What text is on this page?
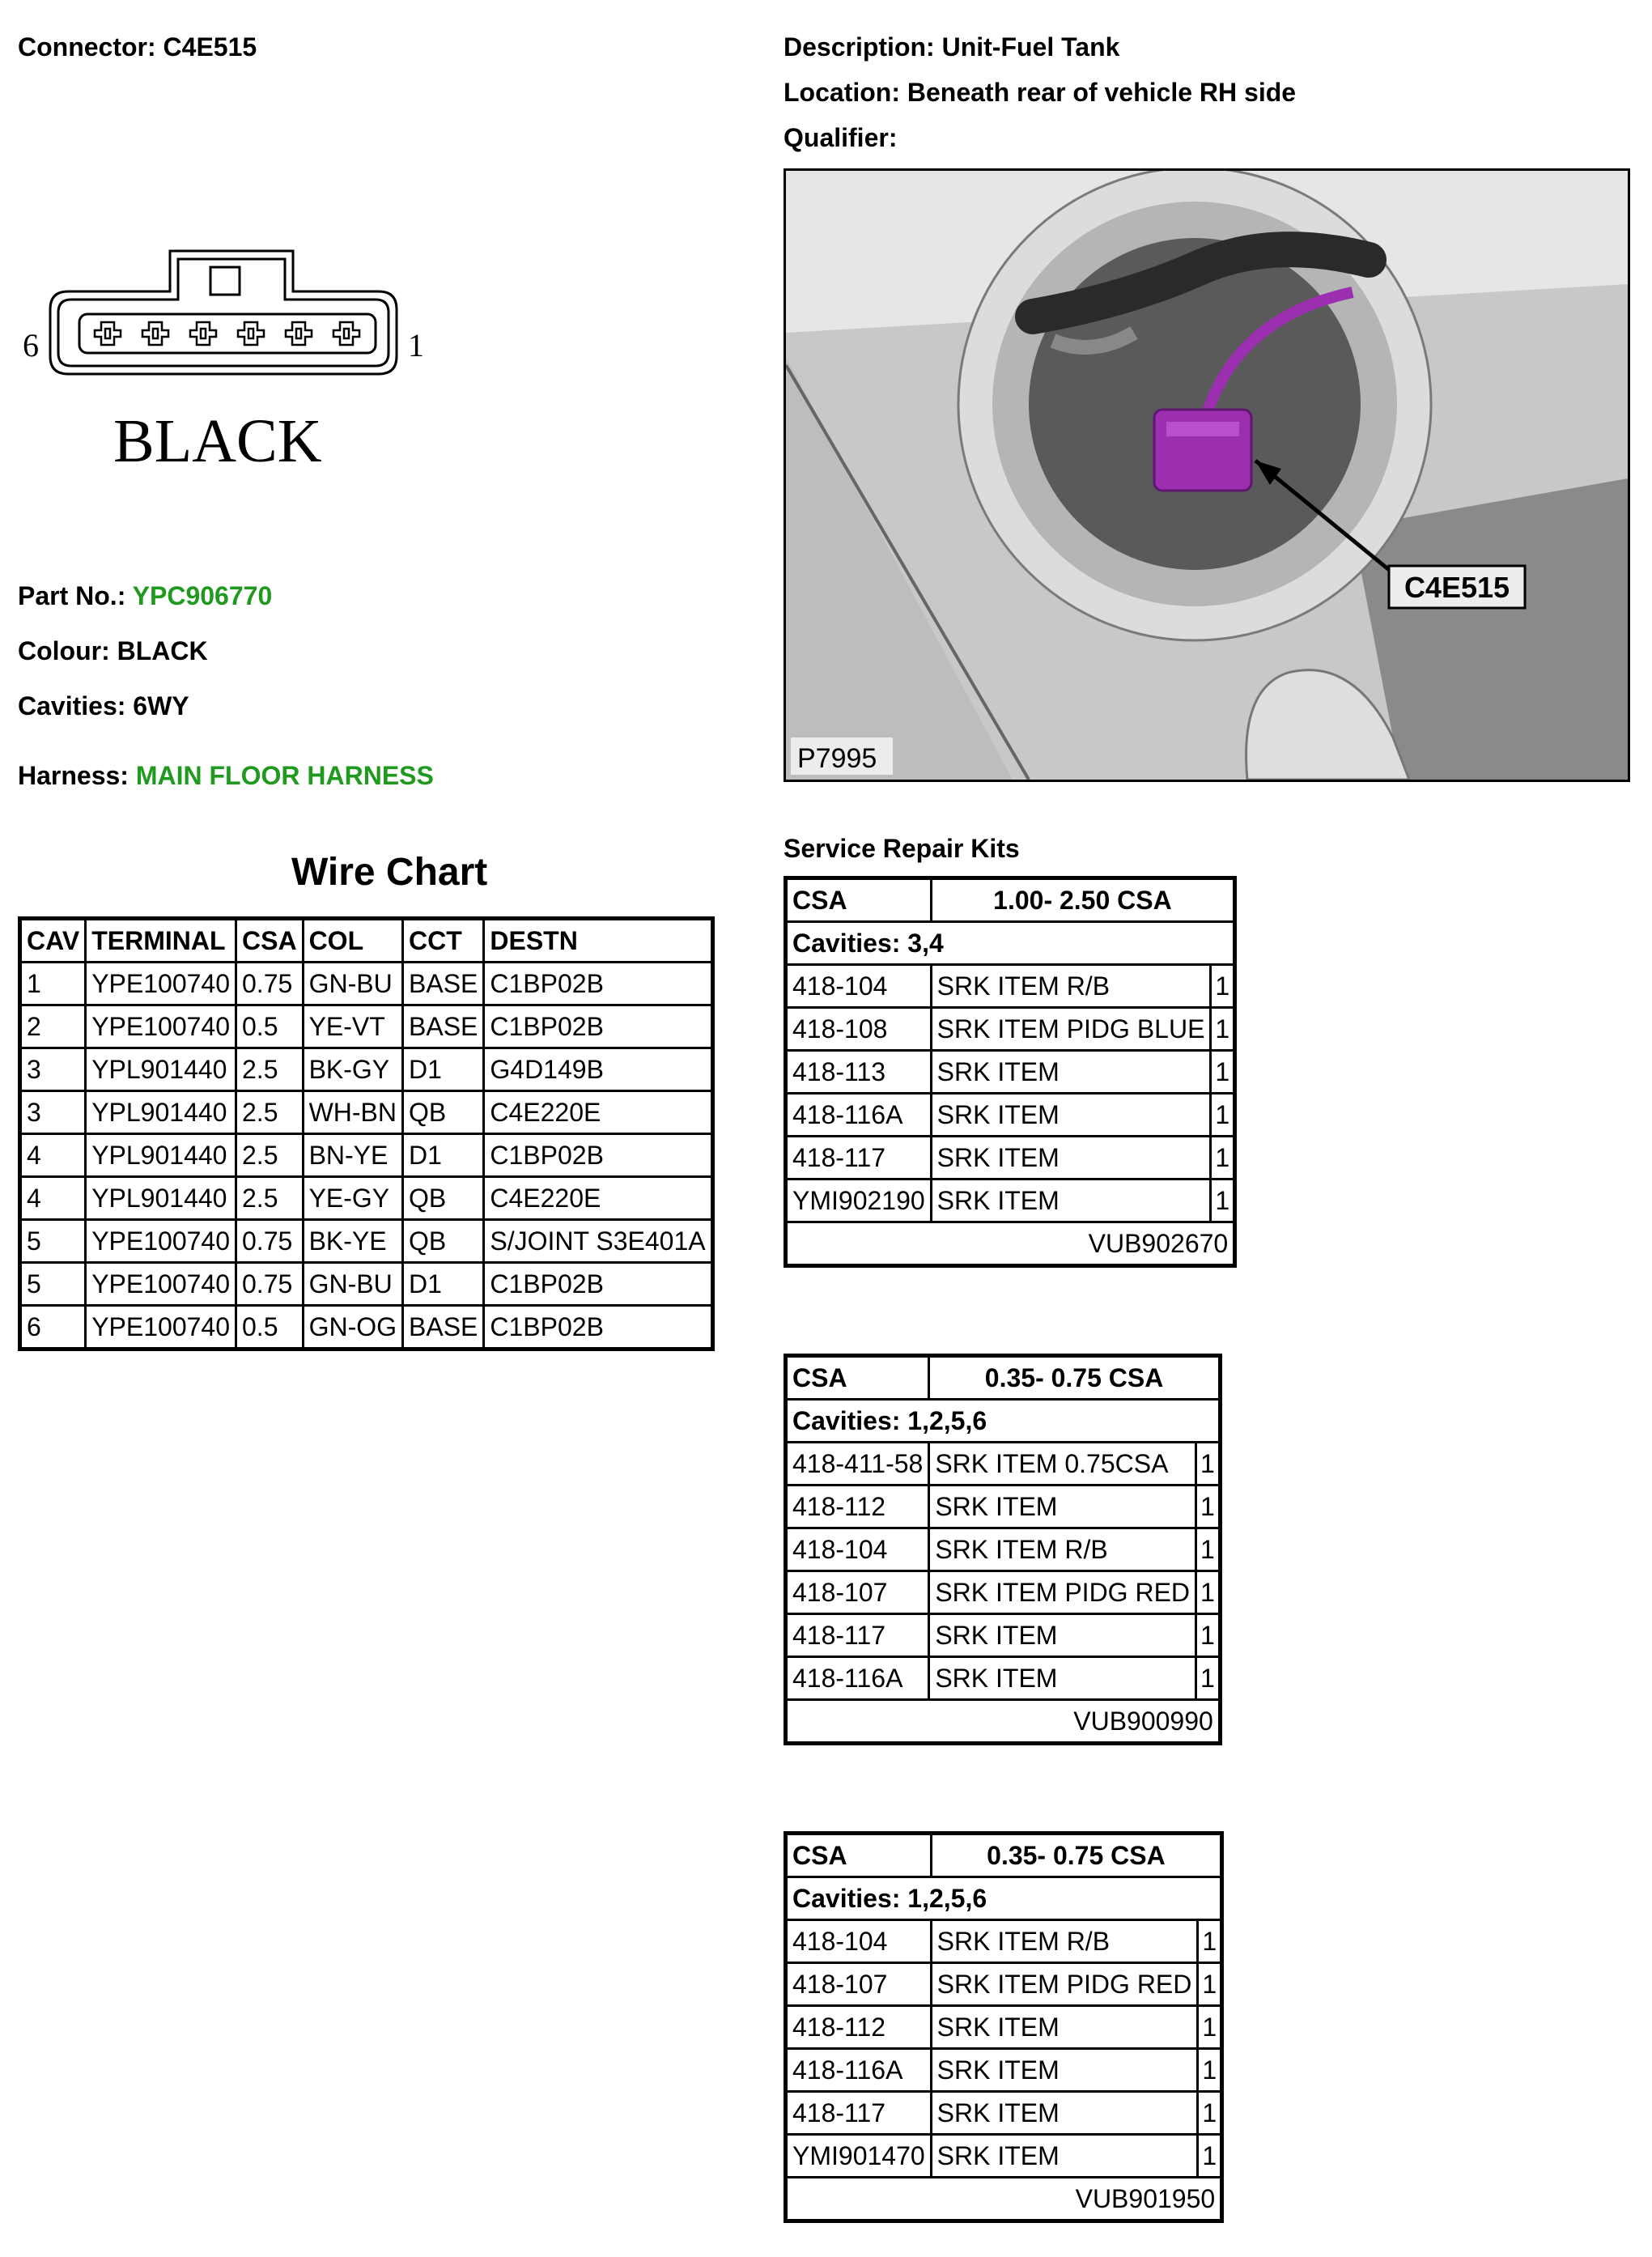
Connector: C4E515	Description: Unit-Fuel Tank
Location: Beneath rear of vehicle RH side
Qualifier:
6	1
BLACK
Part No.: YPC906770
Colour: BLACK
Cavities: 6WY
Harness: MAIN FLOOR HARNESS
C4E515
P7995
Wire Chart
CAV	TERMINAL	CSA	COL	CCT	DESTN
1	YPE100740	0.75	GN-BU	BASE	C1BP02B
2	YPE100740	0.5	YE-VT	BASE	C1BP02B
3	YPL901440	2.5	BK-GY	D1	G4D149B
3	YPL901440	2.5	WH-BN	QB	C4E220E
4	YPL901440	2.5	BN-YE	D1	C1BP02B
4	YPL901440	2.5	YE-GY	QB	C4E220E
5	YPE100740	0.75	BK-YE	QB	S/JOINT S3E401A
5	YPE100740	0.75	GN-BU	D1	C1BP02B
6	YPE100740	0.5	GN-OG	BASE	C1BP02B
Service Repair Kits
CSA	1.00- 2.50 CSA	
Cavities: 3,4		
418-104	SRK ITEM R/B	1
418-108	SRK ITEM PIDG BLUE	1
418-113	SRK ITEM	1
418-116A	SRK ITEM	1
418-117	SRK ITEM	1
YMI902190	SRK ITEM	1
VUB902670		
CSA	0.35- 0.75 CSA	
Cavities: 1,2,5,6		
418-411-58	SRK ITEM 0.75CSA	1
418-112	SRK ITEM	1
418-104	SRK ITEM R/B	1
418-107	SRK ITEM PIDG RED	1
418-117	SRK ITEM	1
418-116A	SRK ITEM	1
VUB900990		
CSA	0.35- 0.75 CSA	
Cavities: 1,2,5,6		
418-104	SRK ITEM R/B	1
418-107	SRK ITEM PIDG RED	1
418-112	SRK ITEM	1
418-116A	SRK ITEM	1
418-117	SRK ITEM	1
YMI901470	SRK ITEM	1
VUB901950		
